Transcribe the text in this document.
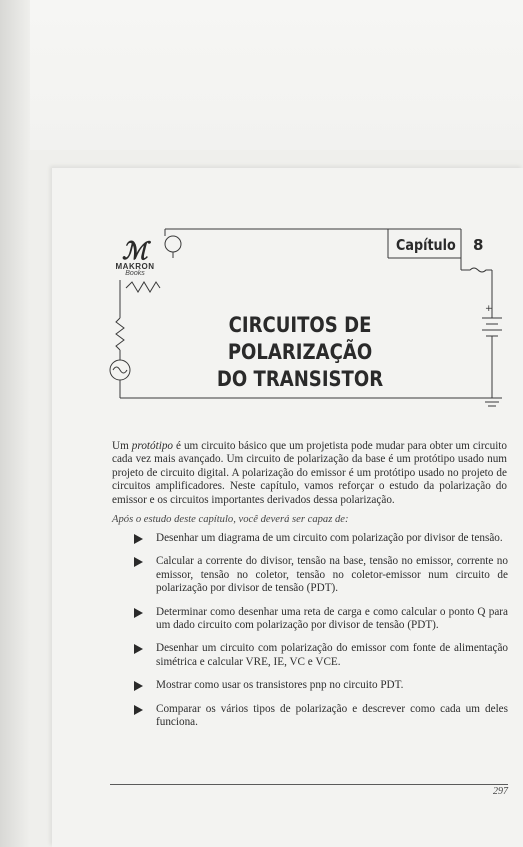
+
ℳ
MAKRON
Books
Capítulo 8
CIRCUITOS DE POLARIZAÇÃO
DO TRANSISTOR

Um protótipo é um circuito básico que um projetista pode mudar para obter um circuito cada vez mais avançado. Um circuito de polarização da base é um protótipo usado num projeto de circuito digital. A polarização do emissor é um protótipo usado no projeto de circuitos amplificadores. Neste capítulo, vamos reforçar o estudo da polarização do emissor e os circuitos importantes derivados dessa polarização.

Após o estudo deste capítulo, você deverá ser capaz de:
Desenhar um diagrama de um circuito com polarização por divisor de tensão.
Calcular a corrente do divisor, tensão na base, tensão no emissor, corrente no emissor, tensão no coletor, tensão no coletor-emissor num circuito de polarização por divisor de tensão (PDT).
Determinar como desenhar uma reta de carga e como calcular o ponto Q para um dado circuito com polarização por divisor de tensão (PDT).
Desenhar um circuito com polarização do emissor com fonte de alimentação simétrica e calcular VRE, IE, VC e VCE.
Mostrar como usar os transistores pnp no circuito PDT.
Comparar os vários tipos de polarização e descrever como cada um deles funciona.
297
